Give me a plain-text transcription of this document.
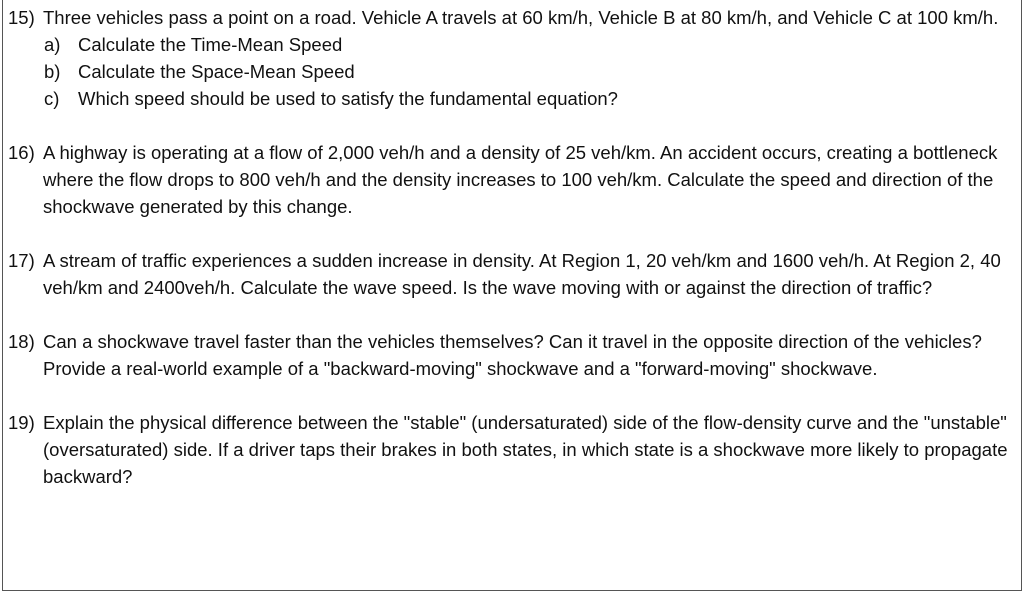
15) Three vehicles pass a point on a road. Vehicle A travels at 60 km/h, Vehicle B at 80 km/h, and Vehicle C at 100 km/h.
a) Calculate the Time-Mean Speed
b) Calculate the Space-Mean Speed
c) Which speed should be used to satisfy the fundamental equation?
16) A highway is operating at a flow of 2,000 veh/h and a density of 25 veh/km. An accident occurs, creating a bottleneck where the flow drops to 800 veh/h and the density increases to 100 veh/km. Calculate the speed and direction of the shockwave generated by this change.
17) A stream of traffic experiences a sudden increase in density. At Region 1, 20 veh/km and 1600 veh/h. At Region 2, 40 veh/km and 2400veh/h. Calculate the wave speed. Is the wave moving with or against the direction of traffic?
18) Can a shockwave travel faster than the vehicles themselves? Can it travel in the opposite direction of the vehicles? Provide a real-world example of a "backward-moving" shockwave and a "forward-moving" shockwave.
19) Explain the physical difference between the "stable" (undersaturated) side of the flow-density curve and the "unstable" (oversaturated) side. If a driver taps their brakes in both states, in which state is a shockwave more likely to propagate backward?
